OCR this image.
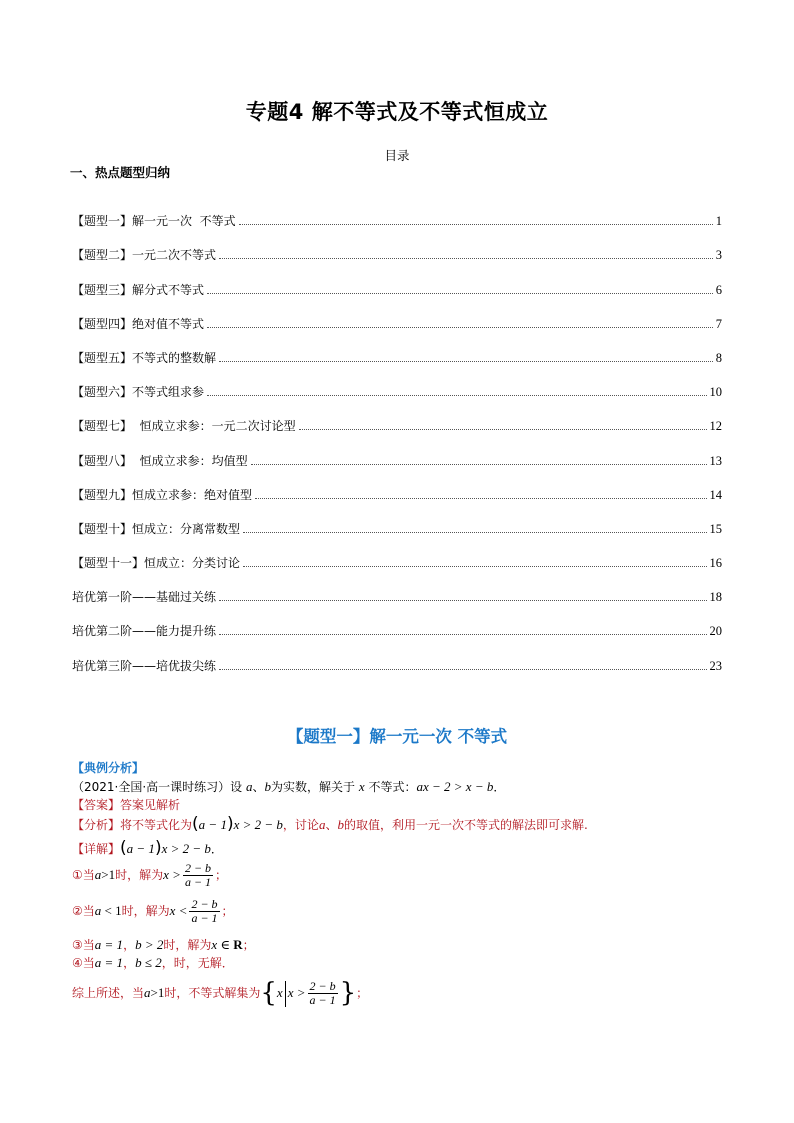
专题4 解不等式及不等式恒成立
目录
一、热点题型归纳
【题型一】解一元一次  不等式	1
【题型二】一元二次不等式	3
【题型三】解分式不等式	6
【题型四】绝对值不等式	7
【题型五】不等式的整数解	8
【题型六】不等式组求参	10
【题型七】  恒成立求参：一元二次讨论型	12
【题型八】  恒成立求参：均值型	13
【题型九】恒成立求参：绝对值型	14
【题型十】恒成立：分离常数型	15
【题型十一】恒成立：分类讨论	16
培优第一阶——基础过关练	18
培优第二阶——能力提升练	20
培优第三阶——培优拔尖练	23
【题型一】解一元一次 不等式
【典例分析】
（2021·全国·高一课时练习）设 a、b为实数，解关于 x 不等式：ax − 2 > x − b．
【答案】答案见解析
【分析】将不等式化为(a − 1)x > 2 − b，讨论a、b的取值，利用一元一次不等式的解法即可求解.
【详解】(a − 1)x > 2 − b．
①当a>1时，解为$x > \frac{2 - b}{a - 1}$ ；
②当a < 1时，解为$x < \frac{2 - b}{a - 1}$ ；
③当a = 1，b > 2时，解为x ∈ R；
④当a = 1，b ≤ 2，时，无解．
综上所述，当a>1时，不等式解集为{x $x > \frac{2 - b}{a - 1}$ }；
